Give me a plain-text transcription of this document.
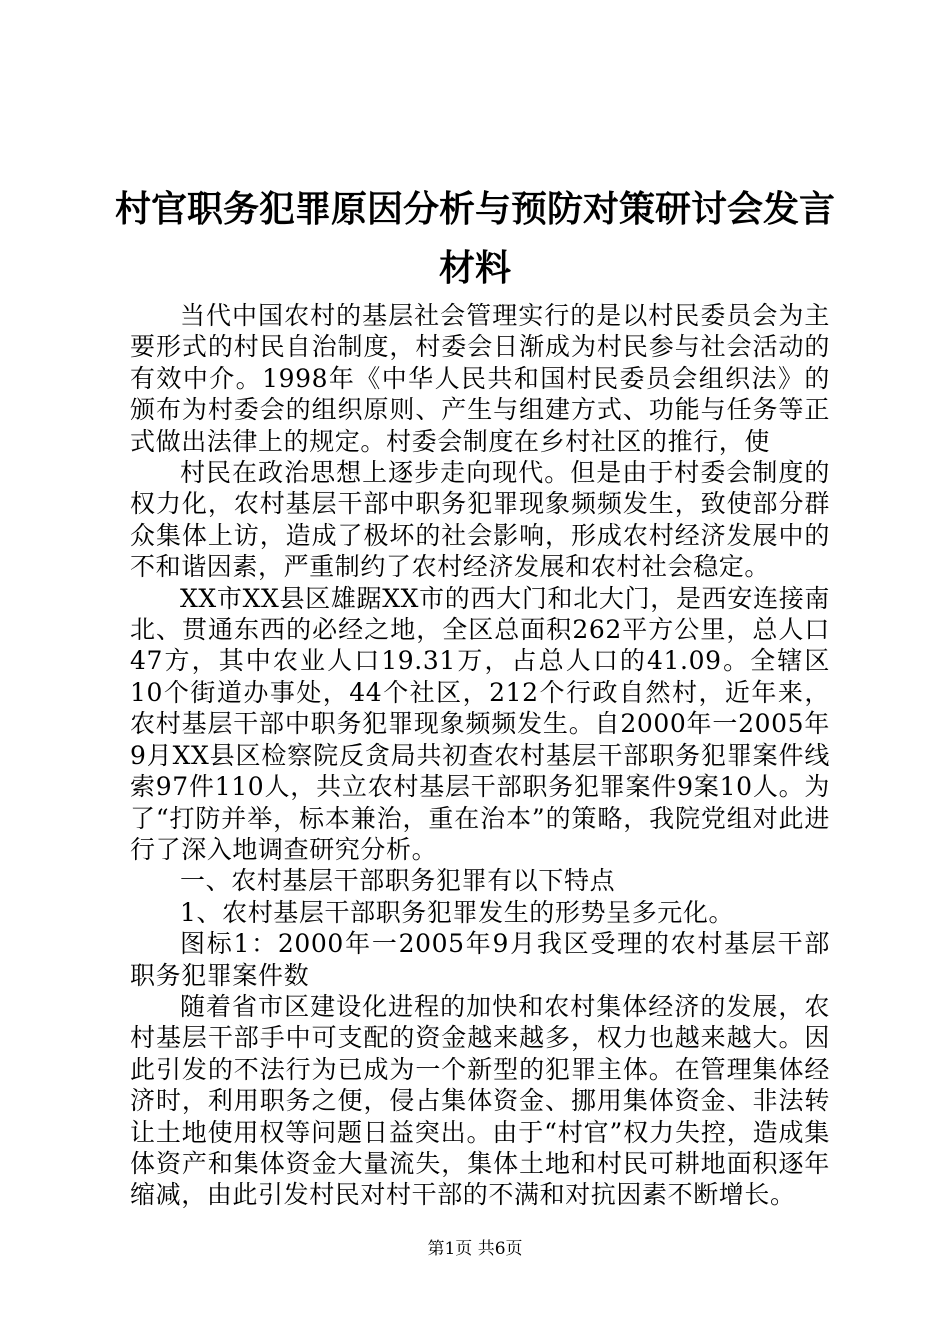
村官职务犯罪原因分析与预防对策研讨会发言
材料

当代中国农村的基层社会管理实行的是以村民委员会为主要形式的村民自治制度，村委会日渐成为村民参与社会活动的有效中介。1998年《中华人民共和国村民委员会组织法》的颁布为村委会的组织原则、产生与组建方式、功能与任务等正式做出法律上的规定。村委会制度在乡村社区的推行，使

村民在政治思想上逐步走向现代。但是由于村委会制度的权力化，农村基层干部中职务犯罪现象频频发生，致使部分群众集体上访，造成了极坏的社会影响，形成农村经济发展中的不和谐因素，严重制约了农村经济发展和农村社会稳定。

XX市XX县区雄踞XX市的西大门和北大门，是西安连接南北、贯通东西的必经之地，全区总面积262平方公里，总人口47方，其中农业人口19.31万，占总人口的41.09。全辖区10个街道办事处，44个社区，212个行政自然村，近年来，农村基层干部中职务犯罪现象频频发生。自2000年一2005年9月XX县区检察院反贪局共初查农村基层干部职务犯罪案件线索97件110人，共立农村基层干部职务犯罪案件9案10人。为了“打防并举，标本兼治，重在治本”的策略，我院党组对此进行了深入地调查研究分析。

一、农村基层干部职务犯罪有以下特点

1、农村基层干部职务犯罪发生的形势呈多元化。

图标1：2000年一2005年9月我区受理的农村基层干部职务犯罪案件数

随着省市区建设化进程的加快和农村集体经济的发展，农村基层干部手中可支配的资金越来越多，权力也越来越大。因此引发的不法行为已成为一个新型的犯罪主体。在管理集体经济时，利用职务之便，侵占集体资金、挪用集体资金、非法转让土地使用权等问题日益突出。由于“村官”权力失控，造成集体资产和集体资金大量流失，集体土地和村民可耕地面积逐年缩减，由此引发村民对村干部的不满和对抗因素不断增长。

第1页 共6页
